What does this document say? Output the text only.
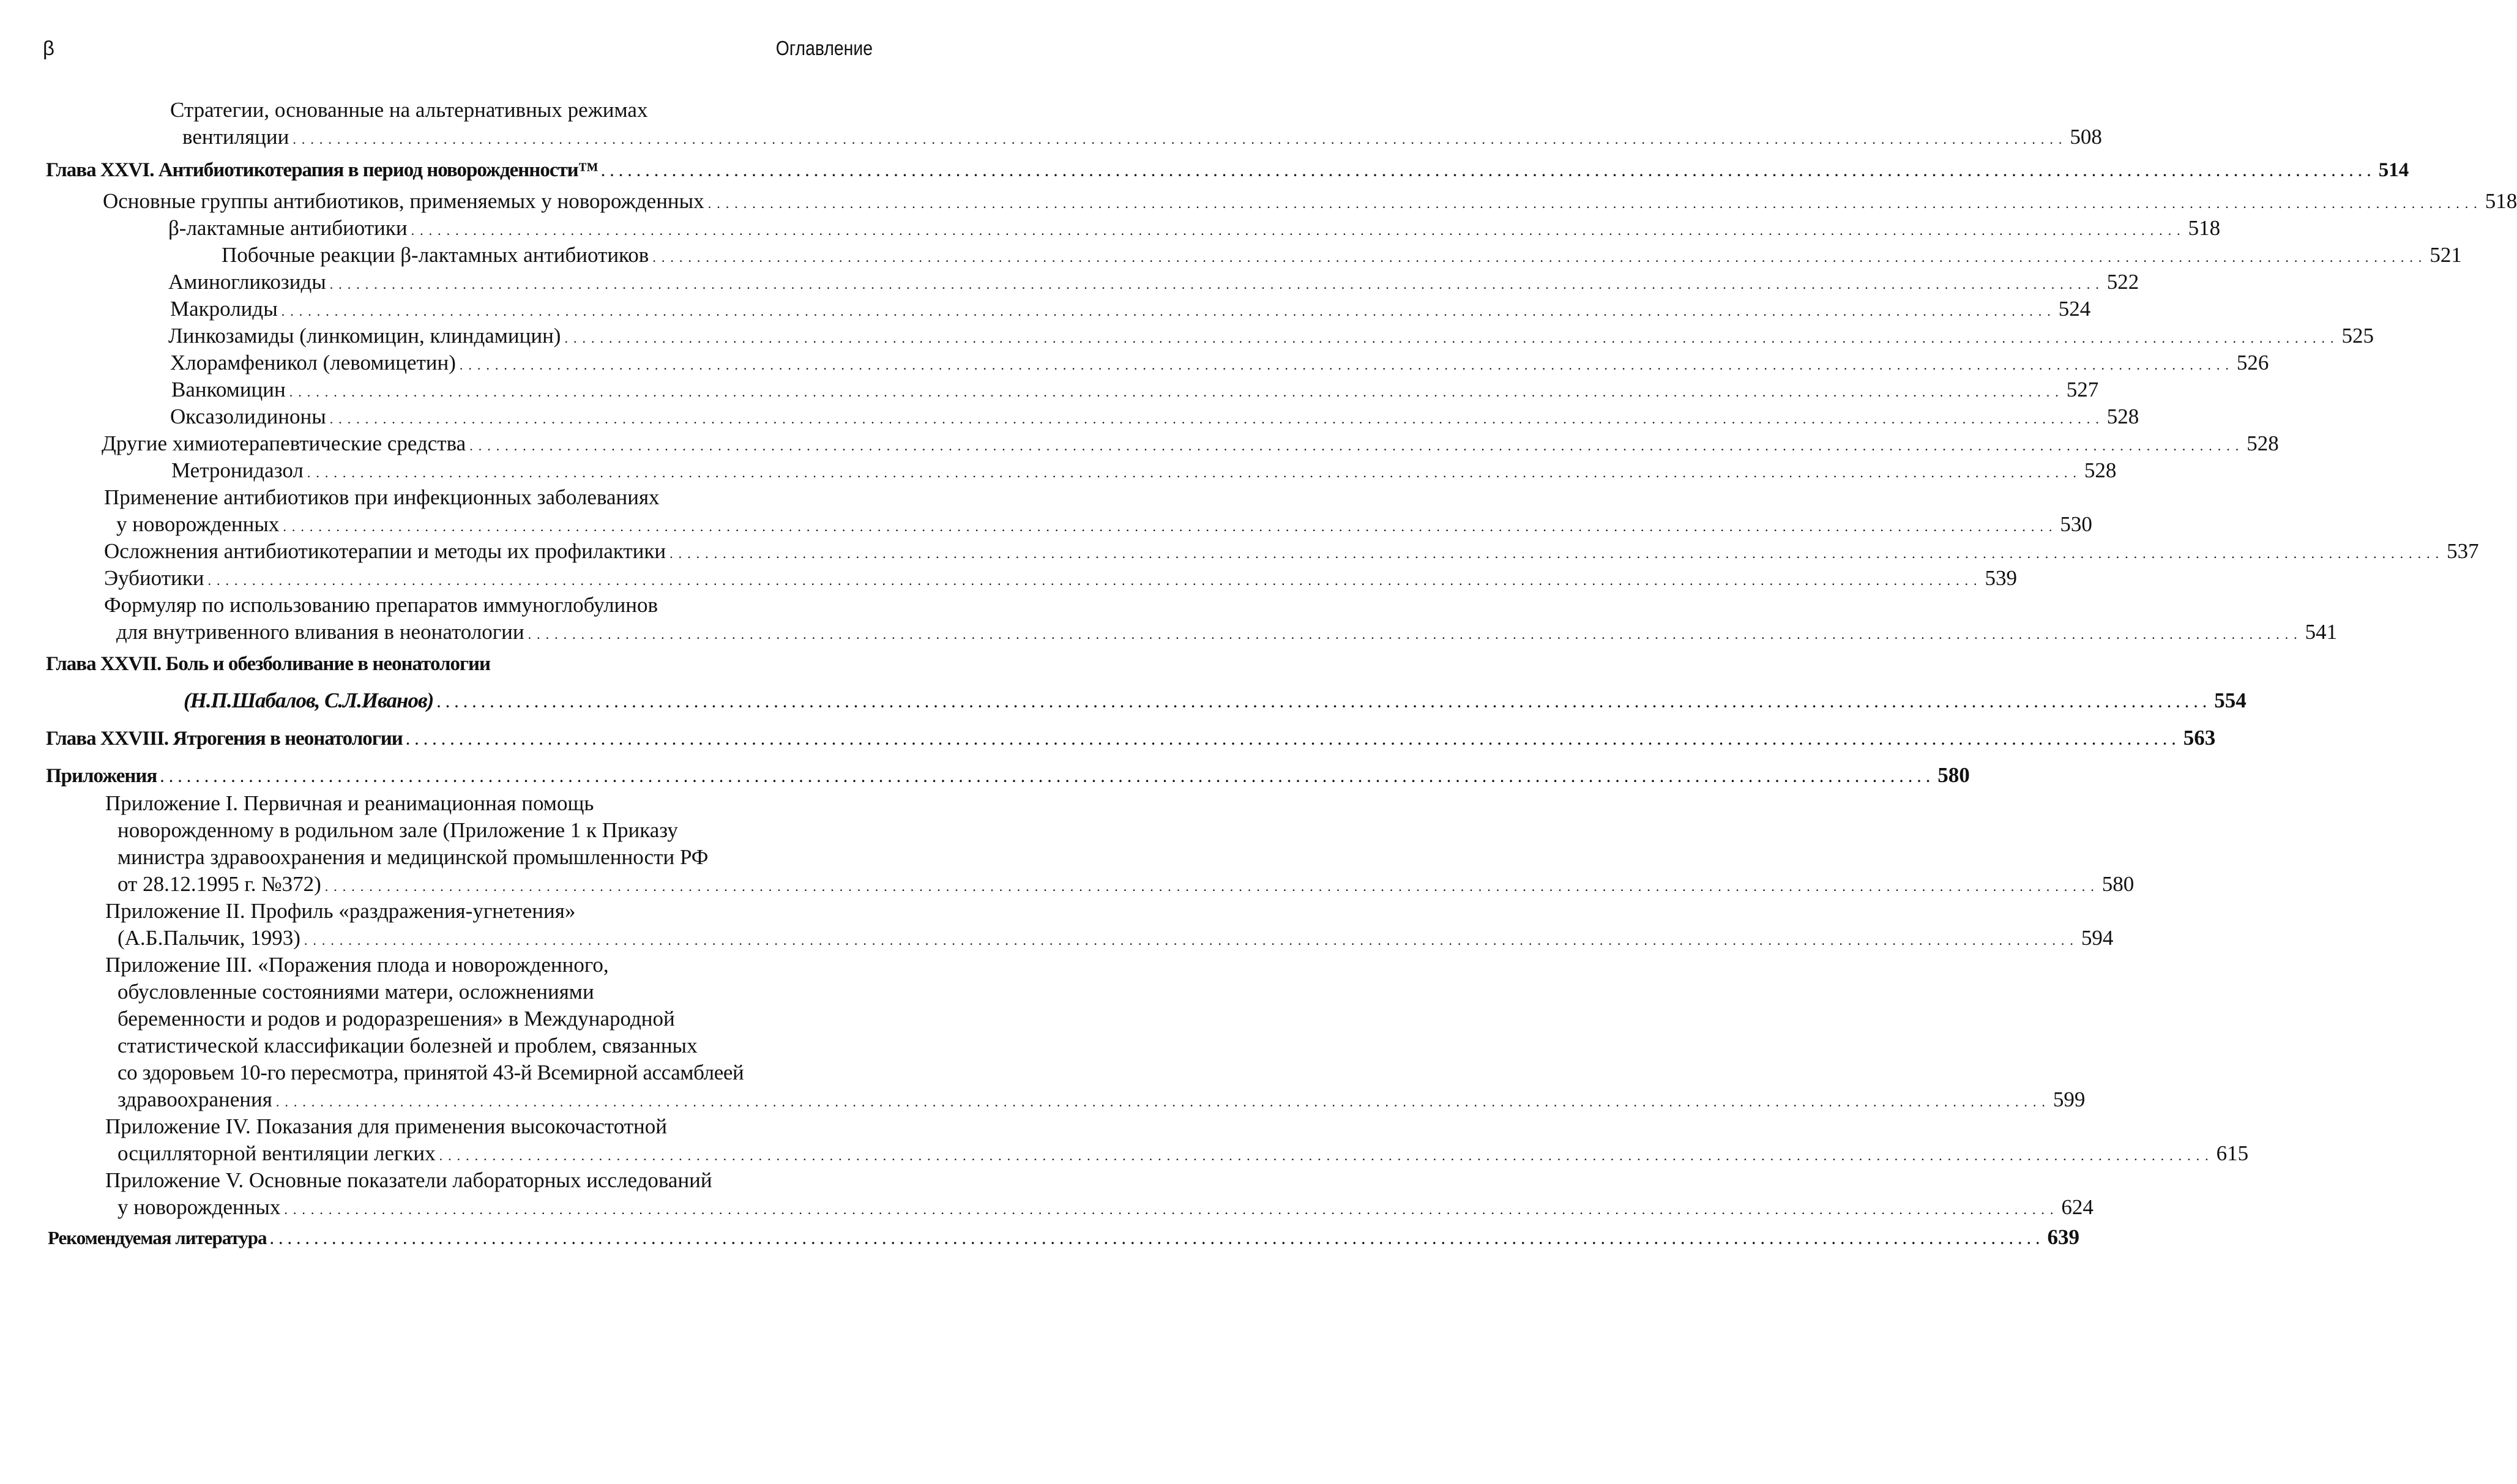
β	Оглавление
Стратегии, основанные на альтернативных режимах
вентиляции ........................................................................................................................................................................................................ 508
Глава XXVI. Антибиотикотерапия в период новорожденности™ ........................................................................................................................................................................................................ 514
Основные группы антибиотиков, применяемых у новорожденных ........................................................................................................................................................................................................ 518
β-лактамные антибиотики ........................................................................................................................................................................................................ 518
Побочные реакции β-лактамных антибиотиков ........................................................................................................................................................................................................ 521
Аминогликозиды ........................................................................................................................................................................................................ 522
Макролиды ........................................................................................................................................................................................................ 524
Линкозамиды (линкомицин, клиндамицин) ........................................................................................................................................................................................................ 525
Хлорамфеникол (левомицетин) ........................................................................................................................................................................................................ 526
Ванкомицин ........................................................................................................................................................................................................ 527
Оксазолидиноны ........................................................................................................................................................................................................ 528
Другие химиотерапевтические средства ........................................................................................................................................................................................................ 528
Метронидазол ........................................................................................................................................................................................................ 528
Применение антибиотиков при инфекционных заболеваниях
у новорожденных ........................................................................................................................................................................................................ 530
Осложнения антибиотикотерапии и методы их профилактики ........................................................................................................................................................................................................ 537
Эубиотики ........................................................................................................................................................................................................ 539
Формуляр по использованию препаратов иммуноглобулинов
для внутривенного вливания в неонатологии ........................................................................................................................................................................................................ 541
Глава XXVII. Боль и обезболивание в неонатологии
(Н.П.Шабалов, С.Л.Иванов) ........................................................................................................................................................................................................ 554
Глава XXVIII. Ятрогения в неонатологии ........................................................................................................................................................................................................ 563
Приложения ........................................................................................................................................................................................................ 580
Приложение I. Первичная и реанимационная помощь
новорожденному в родильном зале (Приложение 1 к Приказу
министра здравоохранения и медицинской промышленности РФ
от 28.12.1995 г. №372) ........................................................................................................................................................................................................ 580
Приложение II. Профиль «раздражения-угнетения»
(А.Б.Пальчик, 1993) ........................................................................................................................................................................................................ 594
Приложение III. «Поражения плода и новорожденного,
обусловленные состояниями матери, осложнениями
беременности и родов и родоразрешения» в Международной
статистической классификации болезней и проблем, связанных
со здоровьем 10-го пересмотра, принятой 43-й Всемирной ассамблеей
здравоохранения ........................................................................................................................................................................................................ 599
Приложение IV. Показания для применения высокочастотной
осцилляторной вентиляции легких ........................................................................................................................................................................................................ 615
Приложение V. Основные показатели лабораторных исследований
у новорожденных ........................................................................................................................................................................................................ 624
Рекомендуемая литература ........................................................................................................................................................................................................ 639
